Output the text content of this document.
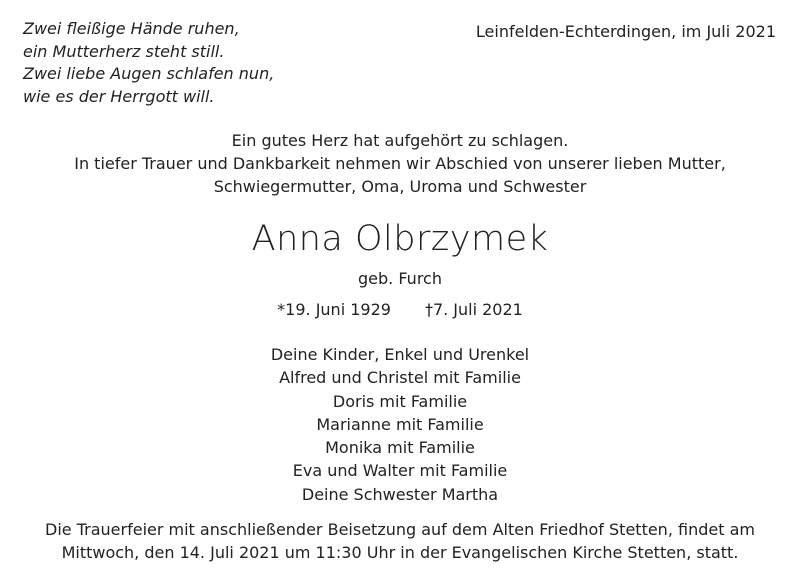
Zwei fleißige Hände ruhen,
ein Mutterherz steht still.
Zwei liebe Augen schlafen nun,
wie es der Herrgott will.
Leinfelden-Echterdingen, im Juli 2021
Ein gutes Herz hat aufgehört zu schlagen.
In tiefer Trauer und Dankbarkeit nehmen wir Abschied von unserer lieben Mutter,
Schwiegermutter, Oma, Uroma und Schwester
Anna Olbrzymek
geb. Furch
*19. Juni 1929 †7. Juli 2021
Deine Kinder, Enkel und Urenkel
Alfred und Christel mit Familie
Doris mit Familie
Marianne mit Familie
Monika mit Familie
Eva und Walter mit Familie
Deine Schwester Martha
Die Trauerfeier mit anschließender Beisetzung auf dem Alten Friedhof Stetten, findet am
Mittwoch, den 14. Juli 2021 um 11:30 Uhr in der Evangelischen Kirche Stetten, statt.
